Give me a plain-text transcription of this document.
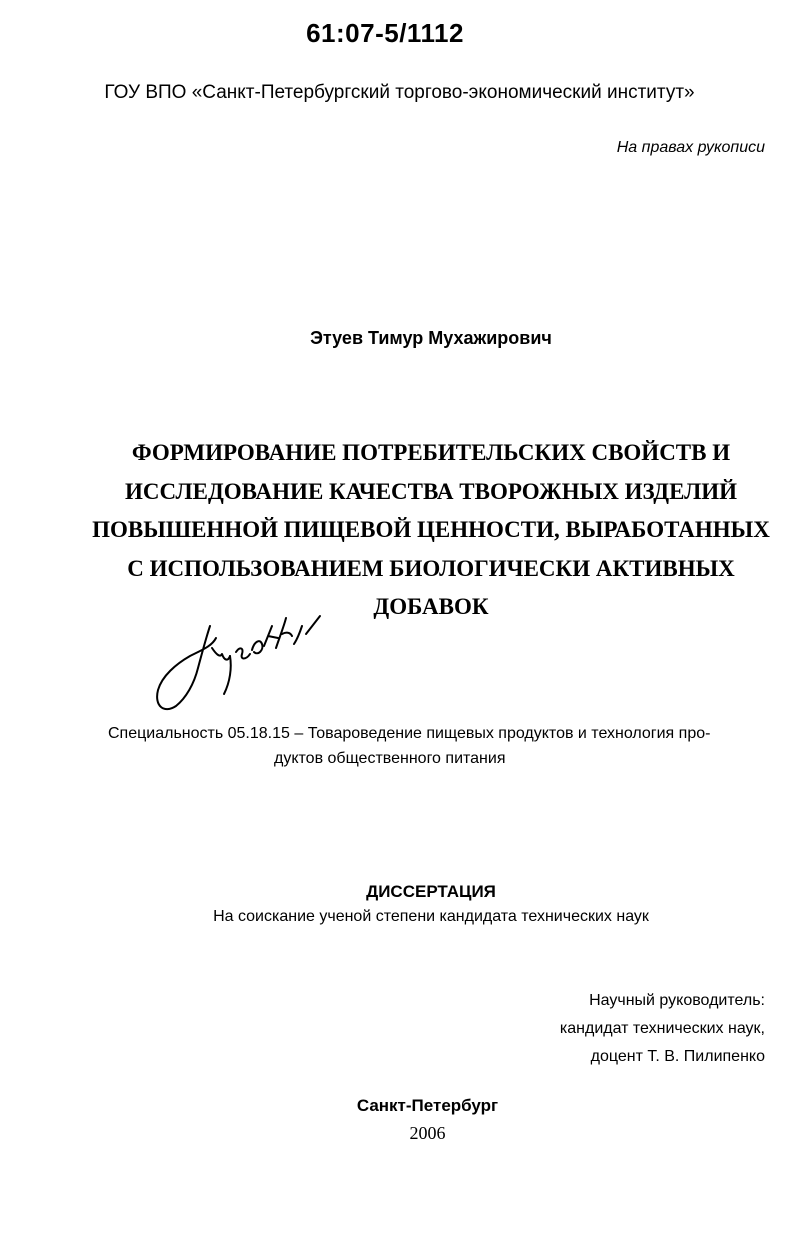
61:07-5/1112
ГОУ ВПО «Санкт-Петербургский торгово-экономический институт»
На правах рукописи
Этуев Тимур Мухажирович
ФОРМИРОВАНИЕ ПОТРЕБИТЕЛЬСКИХ СВОЙСТВ И
ИССЛЕДОВАНИЕ КАЧЕСТВА ТВОРОЖНЫХ ИЗДЕЛИЙ
ПОВЫШЕННОЙ ПИЩЕВОЙ ЦЕННОСТИ, ВЫРАБОТАННЫХ
С ИСПОЛЬЗОВАНИЕМ БИОЛОГИЧЕСКИ АКТИВНЫХ
ДОБАВОК
Специальность 05.18.15 – Товароведение пищевых продуктов и технология про-
дуктов общественного питания
ДИССЕРТАЦИЯ
На соискание ученой степени кандидата технических наук
Научный руководитель:
кандидат технических наук,
доцент Т. В. Пилипенко
Санкт-Петербург
2006
